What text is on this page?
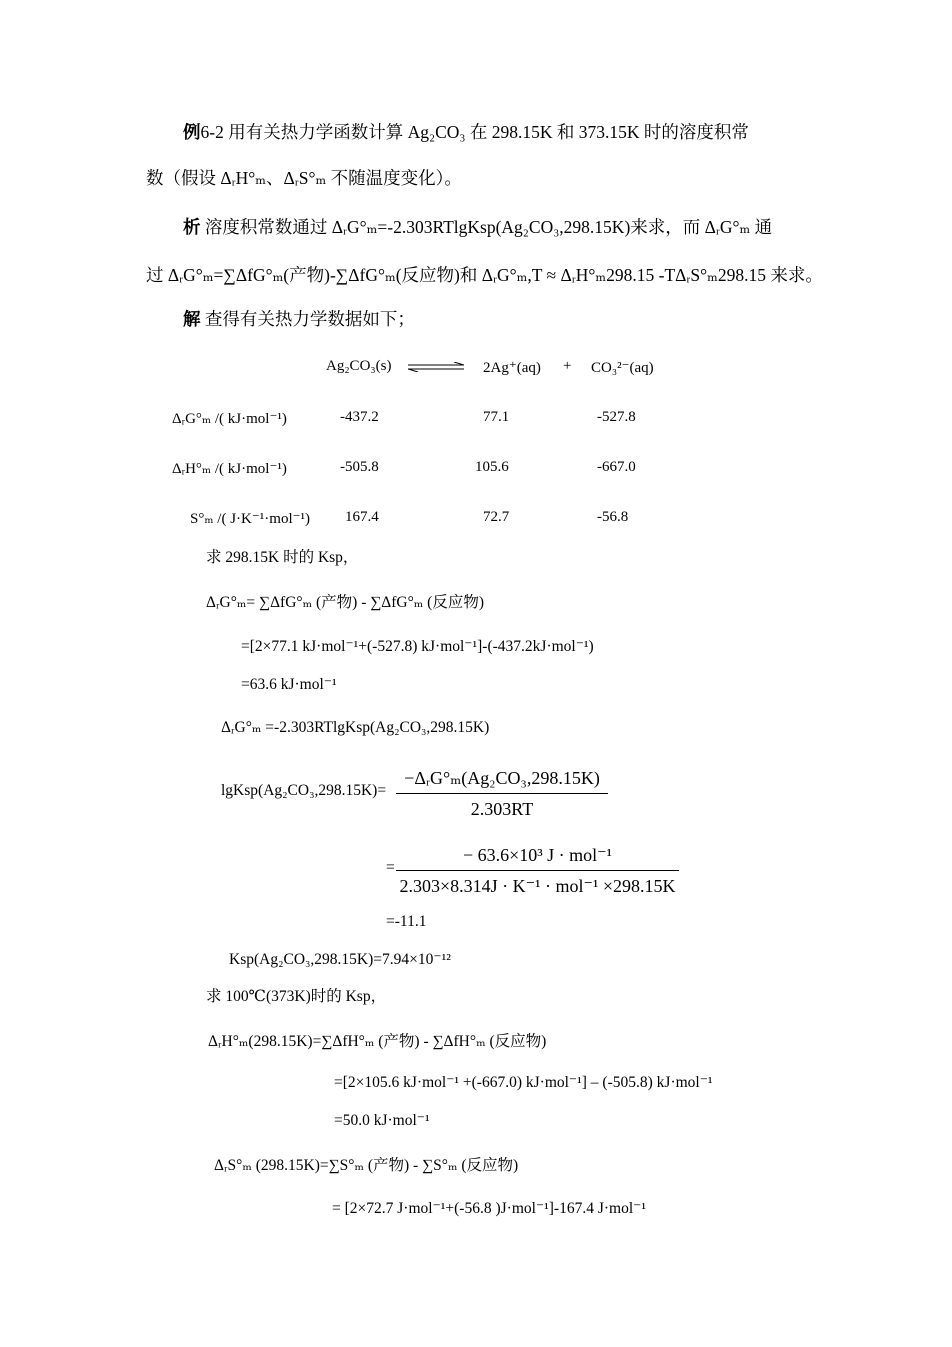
例6-2 用有关热力学函数计算 Ag₂CO₃ 在 298.15K 和 373.15K 时的溶度积常
数（假设 ΔᵣH°ₘ、ΔᵣS°ₘ 不随温度变化）。
析 溶度积常数通过 ΔᵣG°ₘ=-2.303RTlgKsp(Ag₂CO₃,298.15K)来求，而 ΔᵣG°ₘ 通
过 ΔᵣG°ₘ=∑ΔfG°ₘ(产物)-∑ΔfG°ₘ(反应物)和 ΔᵣG°ₘ,T ≈ ΔᵣH°ₘ298.15 -TΔᵣS°ₘ298.15 来求。
解 查得有关热力学数据如下；
Ag₂CO₃(s) ⇌ 2Ag⁺(aq) + CO₃²⁻(aq)
ΔᵣG°ₘ /( kJ·mol⁻¹)	-437.2	77.1	-527.8
ΔᵣH°ₘ /( kJ·mol⁻¹)	-505.8	105.6	-667.0
S°ₘ /( J·K⁻¹·mol⁻¹) 167.4	72.7	-56.8
求 298.15K 时的 Ksp，
ΔᵣG°ₘ= ∑ΔfG°ₘ (产物) - ∑ΔfG°ₘ (反应物)
=[2×77.1 kJ·mol⁻¹+(-527.8) kJ·mol⁻¹]-(-437.2kJ·mol⁻¹)
=63.6 kJ·mol⁻¹
ΔᵣG°ₘ =-2.303RTlgKsp(Ag₂CO₃,298.15K)
lgKsp(Ag₂CO₃,298.15K)=
−ΔᵣG°ₘ(Ag₂CO₃,298.15K)
2.303RT
=
− 63.6×10³ J · mol⁻¹
2.303×8.314J · K⁻¹ · mol⁻¹ ×298.15K
=-11.1
Ksp(Ag₂CO₃,298.15K)=7.94×10⁻¹²
求 100℃(373K)时的 Ksp，
ΔᵣH°ₘ(298.15K)=∑ΔfH°ₘ (产物) - ∑ΔfH°ₘ (反应物)
=[2×105.6 kJ·mol⁻¹ +(-667.0) kJ·mol⁻¹] – (-505.8) kJ·mol⁻¹
=50.0 kJ·mol⁻¹
ΔᵣS°ₘ (298.15K)=∑S°ₘ (产物) - ∑S°ₘ (反应物)
= [2×72.7 J·mol⁻¹+(-56.8 )J·mol⁻¹]-167.4 J·mol⁻¹
